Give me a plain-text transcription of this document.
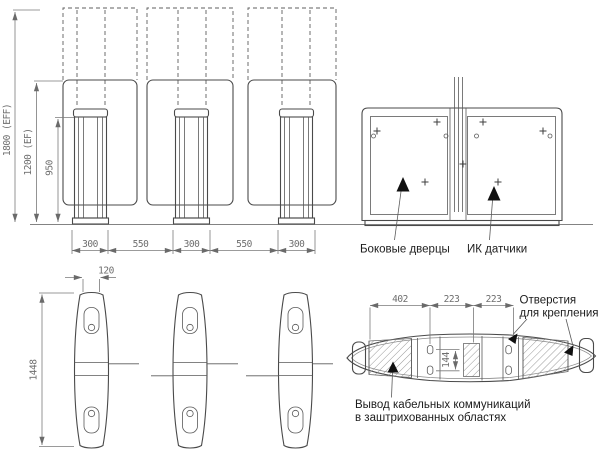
1800 (EFF) 1200 (EF) 950
300	550	300	550	300	Боковые дверцы ИК датчики
1448
120
144
402	223	223 Отверстия
для крепления
Вывод кабельных коммуникаций
в заштрихованных областях
